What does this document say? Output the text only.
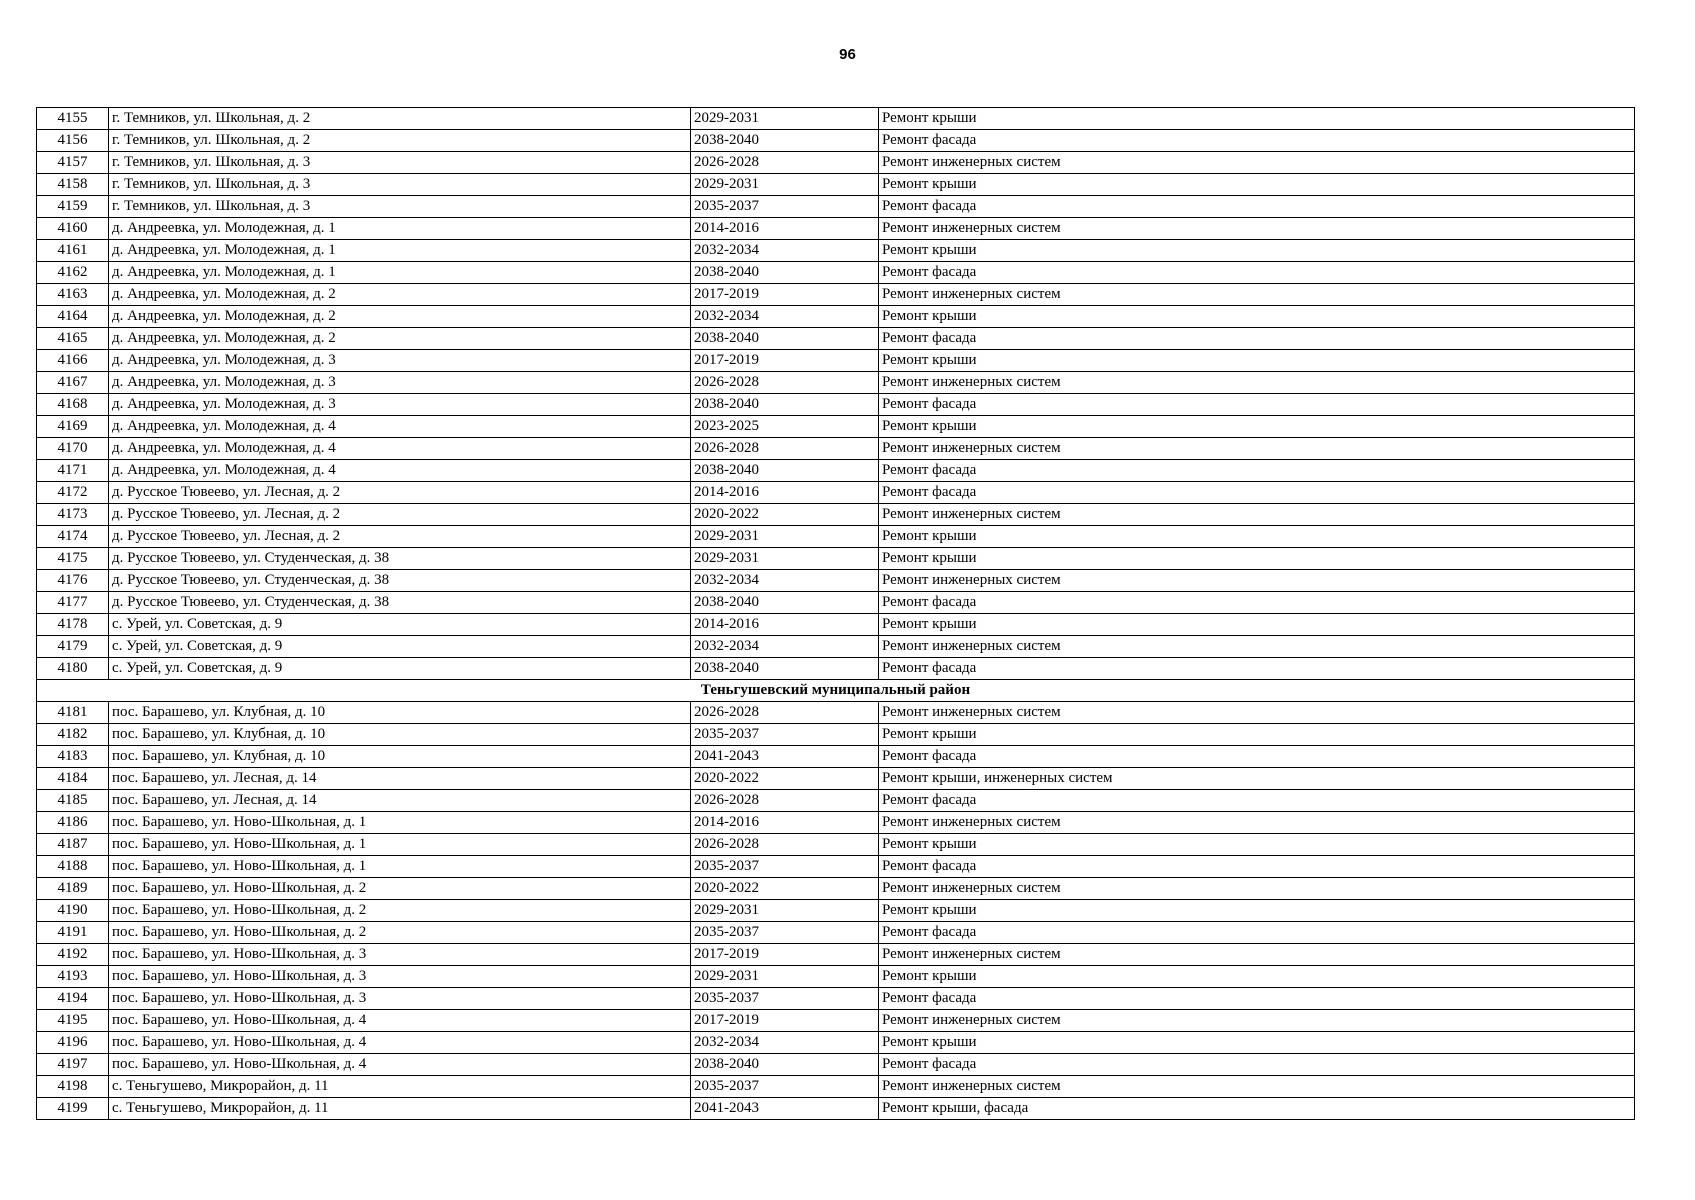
96
4155	г. Темников, ул. Школьная, д. 2	2029-2031	Ремонт крыши
4156	г. Темников, ул. Школьная, д. 2	2038-2040	Ремонт фасада
4157	г. Темников, ул. Школьная, д. 3	2026-2028	Ремонт инженерных систем
4158	г. Темников, ул. Школьная, д. 3	2029-2031	Ремонт крыши
4159	г. Темников, ул. Школьная, д. 3	2035-2037	Ремонт фасада
4160	д. Андреевка, ул. Молодежная, д. 1	2014-2016	Ремонт инженерных систем
4161	д. Андреевка, ул. Молодежная, д. 1	2032-2034	Ремонт крыши
4162	д. Андреевка, ул. Молодежная, д. 1	2038-2040	Ремонт фасада
4163	д. Андреевка, ул. Молодежная, д. 2	2017-2019	Ремонт инженерных систем
4164	д. Андреевка, ул. Молодежная, д. 2	2032-2034	Ремонт крыши
4165	д. Андреевка, ул. Молодежная, д. 2	2038-2040	Ремонт фасада
4166	д. Андреевка, ул. Молодежная, д. 3	2017-2019	Ремонт крыши
4167	д. Андреевка, ул. Молодежная, д. 3	2026-2028	Ремонт инженерных систем
4168	д. Андреевка, ул. Молодежная, д. 3	2038-2040	Ремонт фасада
4169	д. Андреевка, ул. Молодежная, д. 4	2023-2025	Ремонт крыши
4170	д. Андреевка, ул. Молодежная, д. 4	2026-2028	Ремонт инженерных систем
4171	д. Андреевка, ул. Молодежная, д. 4	2038-2040	Ремонт фасада
4172	д. Русское Тювеево, ул. Лесная, д. 2	2014-2016	Ремонт фасада
4173	д. Русское Тювеево, ул. Лесная, д. 2	2020-2022	Ремонт инженерных систем
4174	д. Русское Тювеево, ул. Лесная, д. 2	2029-2031	Ремонт крыши
4175	д. Русское Тювеево, ул. Студенческая, д. 38	2029-2031	Ремонт крыши
4176	д. Русское Тювеево, ул. Студенческая, д. 38	2032-2034	Ремонт инженерных систем
4177	д. Русское Тювеево, ул. Студенческая, д. 38	2038-2040	Ремонт фасада
4178	с. Урей, ул. Советская, д. 9	2014-2016	Ремонт крыши
4179	с. Урей, ул. Советская, д. 9	2032-2034	Ремонт инженерных систем
4180	с. Урей, ул. Советская, д. 9	2038-2040	Ремонт фасада
Теньгушевский муниципальный район			
4181	пос. Барашево, ул. Клубная, д. 10	2026-2028	Ремонт инженерных систем
4182	пос. Барашево, ул. Клубная, д. 10	2035-2037	Ремонт крыши
4183	пос. Барашево, ул. Клубная, д. 10	2041-2043	Ремонт фасада
4184	пос. Барашево, ул. Лесная, д. 14	2020-2022	Ремонт крыши, инженерных систем
4185	пос. Барашево, ул. Лесная, д. 14	2026-2028	Ремонт фасада
4186	пос. Барашево, ул. Ново-Школьная, д. 1	2014-2016	Ремонт инженерных систем
4187	пос. Барашево, ул. Ново-Школьная, д. 1	2026-2028	Ремонт крыши
4188	пос. Барашево, ул. Ново-Школьная, д. 1	2035-2037	Ремонт фасада
4189	пос. Барашево, ул. Ново-Школьная, д. 2	2020-2022	Ремонт инженерных систем
4190	пос. Барашево, ул. Ново-Школьная, д. 2	2029-2031	Ремонт крыши
4191	пос. Барашево, ул. Ново-Школьная, д. 2	2035-2037	Ремонт фасада
4192	пос. Барашево, ул. Ново-Школьная, д. 3	2017-2019	Ремонт инженерных систем
4193	пос. Барашево, ул. Ново-Школьная, д. 3	2029-2031	Ремонт крыши
4194	пос. Барашево, ул. Ново-Школьная, д. 3	2035-2037	Ремонт фасада
4195	пос. Барашево, ул. Ново-Школьная, д. 4	2017-2019	Ремонт инженерных систем
4196	пос. Барашево, ул. Ново-Школьная, д. 4	2032-2034	Ремонт крыши
4197	пос. Барашево, ул. Ново-Школьная, д. 4	2038-2040	Ремонт фасада
4198	с. Теньгушево, Микрорайон, д. 11	2035-2037	Ремонт инженерных систем
4199	с. Теньгушево, Микрорайон, д. 11	2041-2043	Ремонт крыши, фасада
